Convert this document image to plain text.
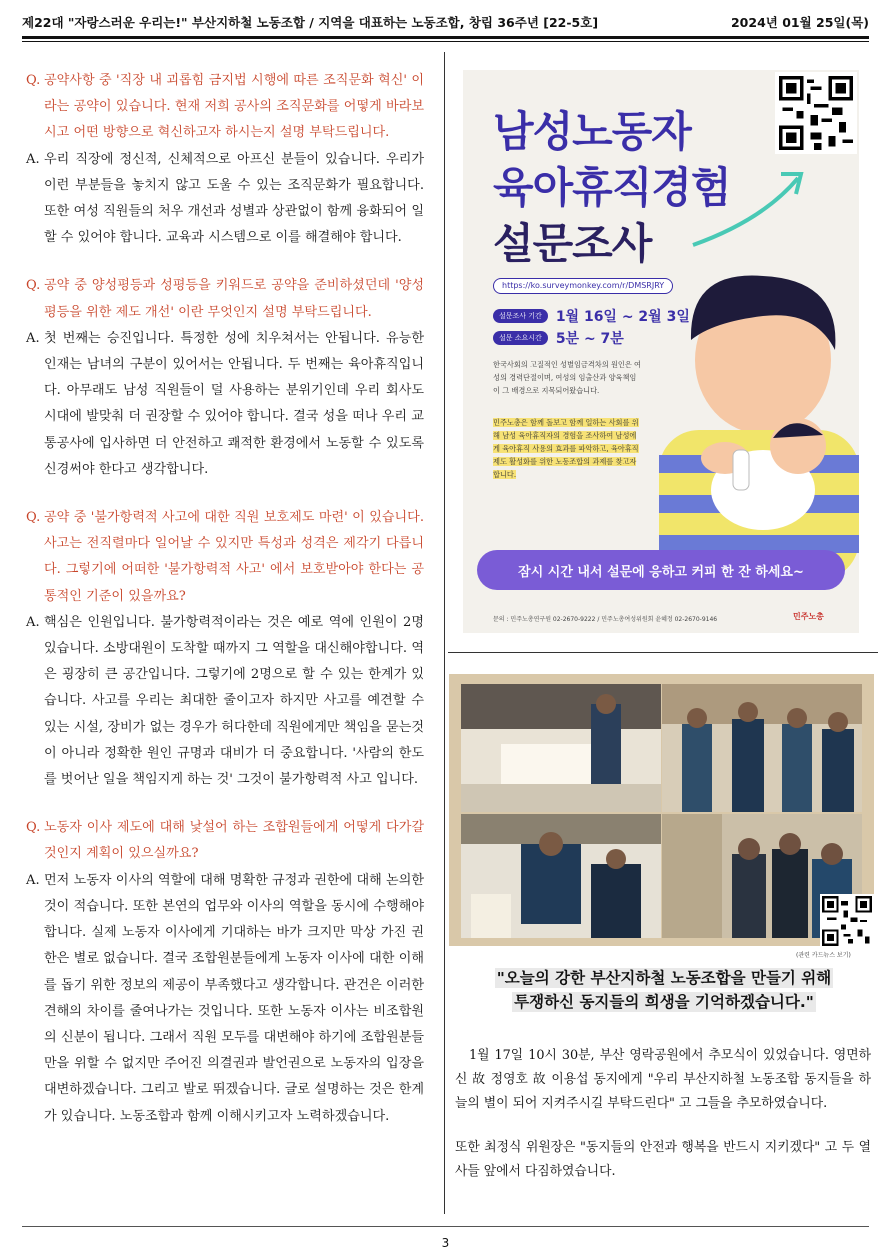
제22대 "자랑스러운 우리는!" 부산지하철 노동조합 / 지역을 대표하는 노동조합, 창립 36주년 [22-5호]	2024년 01월 25일(목)
Q. 공약사항 중 '직장 내 괴롭힘 금지법 시행에 따른 조직문화 혁신' 이라는 공약이 있습니다. 현재 저희 공사의 조직문화를 어떻게 바라보시고 어떤 방향으로 혁신하고자 하시는지 설명 부탁드립니다.
A. 우리 직장에 정신적, 신체적으로 아프신 분들이 있습니다. 우리가 이런 부분들을 놓치지 않고 도울 수 있는 조직문화가 필요합니다. 또한 여성 직원들의 처우 개선과 성별과 상관없이 함께 융화되어 일할 수 있어야 합니다. 교육과 시스템으로 이를 해결해야 합니다.
Q. 공약 중 양성평등과 성평등을 키워드로 공약을 준비하셨던데 '양성평등을 위한 제도 개선' 이란 무엇인지 설명 부탁드립니다.
A. 첫 번째는 승진입니다. 특정한 성에 치우쳐서는 안됩니다. 유능한 인재는 남녀의 구분이 있어서는 안됩니다. 두 번째는 육아휴직입니다. 아무래도 남성 직원들이 덜 사용하는 분위기인데 우리 회사도 시대에 발맞춰 더 권장할 수 있어야 합니다. 결국 성을 떠나 우리 교통공사에 입사하면 더 안전하고 쾌적한 환경에서 노동할 수 있도록 신경써야 한다고 생각합니다.
Q. 공약 중 '불가항력적 사고에 대한 직원 보호제도 마련' 이 있습니다. 사고는 전직렬마다 일어날 수 있지만 특성과 성격은 제각기 다릅니다. 그렇기에 어떠한 '불가항력적 사고' 에서 보호받아야 한다는 공통적인 기준이 있을까요?
A. 핵심은 인원입니다. 불가항력적이라는 것은 예로 역에 인원이 2명 있습니다. 소방대원이 도착할 때까지 그 역할을 대신해야합니다. 역은 굉장히 큰 공간입니다. 그렇기에 2명으로 할 수 있는 한계가 있습니다. 사고를 우리는 최대한 줄이고자 하지만 사고를 예견할 수 있는 시설, 장비가 없는 경우가 허다한데 직원에게만 책임을 묻는것이 아니라 정확한 원인 규명과 대비가 더 중요합니다. '사람의 한도를 벗어난 일을 책임지게 하는 것' 그것이 불가항력적 사고 입니다.
Q. 노동자 이사 제도에 대해 낯설어 하는 조합원들에게 어떻게 다가갈 것인지 계획이 있으실까요?
A. 먼저 노동자 이사의 역할에 대해 명확한 규정과 권한에 대해 논의한 것이 적습니다. 또한 본연의 업무와 이사의 역할을 동시에 수행해야 합니다. 실제 노동자 이사에게 기대하는 바가 크지만 막상 가진 권한은 별로 없습니다. 결국 조합원분들에게 노동자 이사에 대한 이해를 돕기 위한 정보의 제공이 부족했다고 생각합니다. 관건은 이러한 견해의 차이를 줄여나가는 것입니다. 또한 노동자 이사는 비조합원의 신분이 됩니다. 그래서 직원 모두를 대변해야 하기에 조합원분들만을 위할 수 없지만 주어진 의결권과 발언권으로 노동자의 입장을 대변하겠습니다. 그리고 발로 뛰겠습니다. 글로 설명하는 것은 한계가 있습니다. 노동조합과 함께 이해시키고자 노력하겠습니다.
남성노동자
육아휴직경험
설문조사
https://ko.surveymonkey.com/r/DMSRJRY
설문조사 기간	1월 16일 ~ 2월 3일
설문 소요시간	5분 ~ 7분
한국사회의 고질적인 성별임금격차의 원인은 여성의 경력단절이며, 여성의 임출산과 양육책임이 그 배경으로 지목되어왔습니다.
민주노총은 함께 돌보고 함께 일하는 사회를 위해 남성 육아휴직자의 경험을 조사하여 남성에게 육아휴직 사용의 효과를 파악하고, 육아휴직제도 활성화를 위한 노동조합의 과제를 찾고자합니다.
잠시 시간 내서 설문에 응하고 커피 한 잔 하세요~
문의 : 민주노총연구원 02-2670-9222 / 민주노총여성위원회 윤혜정 02-2670-9146	민주노총
(관련 카드뉴스 보기)
"오늘의 강한 부산지하철 노동조합을 만들기 위해
투쟁하신 동지들의 희생을 기억하겠습니다."

1월 17일 10시 30분, 부산 영락공원에서 추모식이 있었습니다. 영면하신 故 정영호 故 이용섭 동지에게 "우리 부산지하철 노동조합 동지들을 하늘의 별이 되어 지켜주시길 부탁드린다" 고 그들을 추모하였습니다.

또한 최정식 위원장은 "동지들의 안전과 행복을 반드시 지키겠다" 고 두 열사들 앞에서 다짐하였습니다.

3
